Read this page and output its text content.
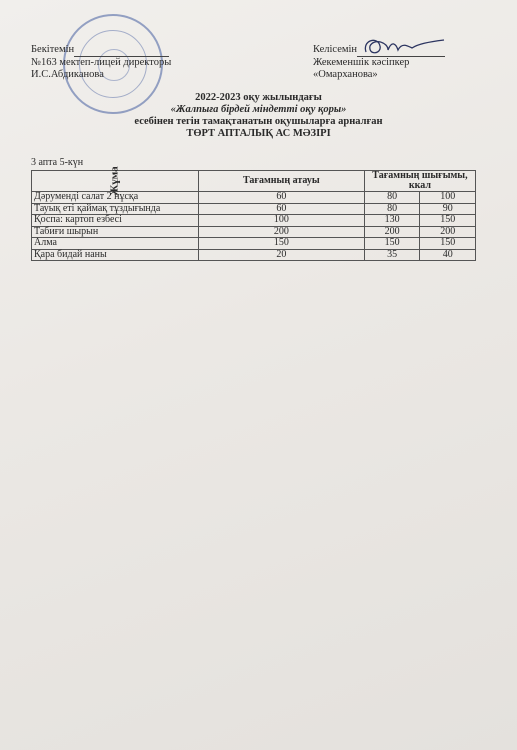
Бекітемін
№163 мектеп-лицей директоры
И.С.Абдиканова
Келісемін
Жекеменшік кәсіпкер
«Омарханова»
2022-2023 оқу жылындағы
«Жалпыға бірдей міндетті оқу қоры»
есебінен тегін тамақтанатын оқушыларға арналған
ТӨРТ АПТАЛЫҚ АС МӘЗІРІ
3 апта 5-күн
Жұма	Тағамның атауы	Тағамның шығымы, ккал	
Дәрумендi салат 2 нұсқа	60	80	100
Тауық еті қаймақ тұздығында	60	80	90
Қоспа: картоп езбесі	100	130	150
Табиғи шырын	200	200	200
Алма	150	150	150
Қара бидай наны	20	35	40
